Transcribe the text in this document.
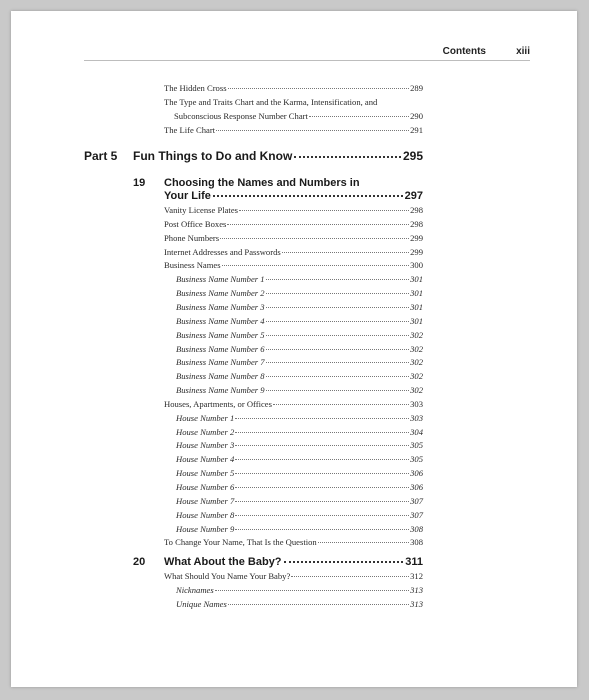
Contents	xiii
The Hidden Cross	289
The Type and Traits Chart and the Karma, Intensification, and
Subconscious Response Number Chart	290
The Life Chart	291
Part 5 Fun Things to Do and Know	295
19 Choosing the Names and Numbers in
Your Life	297
Vanity License Plates	298
Post Office Boxes	298
Phone Numbers	299
Internet Addresses and Passwords	299
Business Names	300
Business Name Number 1	301
Business Name Number 2	301
Business Name Number 3	301
Business Name Number 4	301
Business Name Number 5	302
Business Name Number 6	302
Business Name Number 7	302
Business Name Number 8	302
Business Name Number 9	302
Houses, Apartments, or Offices	303
House Number 1	303
House Number 2	304
House Number 3	305
House Number 4	305
House Number 5	306
House Number 6	306
House Number 7	307
House Number 8	307
House Number 9	308
To Change Your Name, That Is the Question	308
20 What About the Baby?	311
What Should You Name Your Baby?	312
Nicknames	313
Unique Names	313
